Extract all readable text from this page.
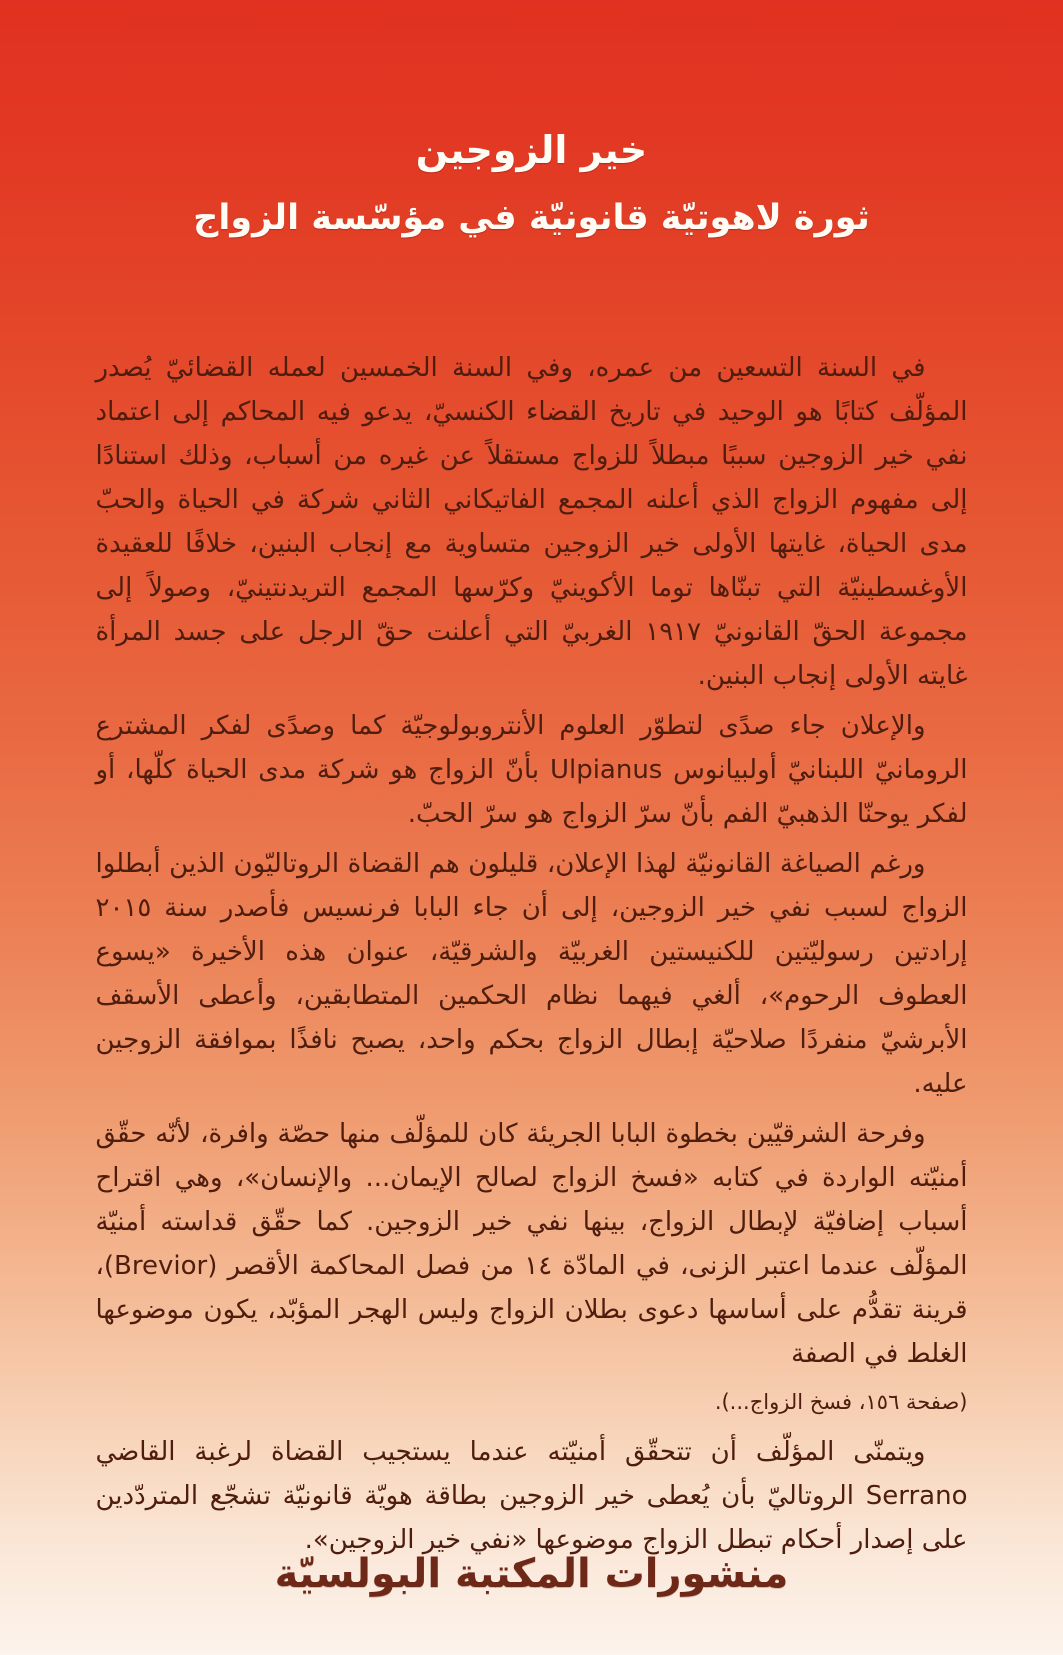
خير الزوجين
ثورة لاهوتيّة قانونيّة في مؤسّسة الزواج

في السنة التسعين من عمره، وفي السنة الخمسين لعمله القضائيّ يُصدر المؤلّف كتابًا هو الوحيد في تاريخ القضاء الكنسيّ، يدعو فيه المحاكم إلى اعتماد نفي خير الزوجين سببًا مبطلاً للزواج مستقلاً عن غيره من أسباب، وذلك استنادًا إلى مفهوم الزواج الذي أعلنه المجمع الفاتيكاني الثاني شركة في الحياة والحبّ مدى الحياة، غايتها الأولى خير الزوجين متساوية مع إنجاب البنين، خلافًا للعقيدة الأوغسطينيّة التي تبنّاها توما الأكوينيّ وكرّسها المجمع التريدنتينيّ، وصولاً إلى مجموعة الحقّ القانونيّ ١٩١٧ الغربيّ التي أعلنت حقّ الرجل على جسد المرأة غايته الأولى إنجاب البنين.

والإعلان جاء صدًى لتطوّر العلوم الأنتروبولوجيّة كما وصدًى لفكر المشترع الرومانيّ اللبنانيّ أولبيانوس Ulpianus بأنّ الزواج هو شركة مدى الحياة كلّها، أو لفكر يوحنّا الذهبيّ الفم بأنّ سرّ الزواج هو سرّ الحبّ.

ورغم الصياغة القانونيّة لهذا الإعلان، قليلون هم القضاة الروتاليّون الذين أبطلوا الزواج لسبب نفي خير الزوجين، إلى أن جاء البابا فرنسيس فأصدر سنة ٢٠١٥ إرادتين رسوليّتين للكنيستين الغربيّة والشرقيّة، عنوان هذه الأخيرة «يسوع العطوف الرحوم»، ألغي فيهما نظام الحكمين المتطابقين، وأعطى الأسقف الأبرشيّ منفردًا صلاحيّة إبطال الزواج بحكم واحد، يصبح نافذًا بموافقة الزوجين عليه.

وفرحة الشرقيّين بخطوة البابا الجريئة كان للمؤلّف منها حصّة وافرة، لأنّه حقّق أمنيّته الواردة في كتابه «فسخ الزواج لصالح الإيمان... والإنسان»، وهي اقتراح أسباب إضافيّة لإبطال الزواج، بينها نفي خير الزوجين. كما حقّق قداسته أمنيّة المؤلّف عندما اعتبر الزنى، في المادّة ١٤ من فصل المحاكمة الأقصر (Brevior)، قرينة تقدُّم على أساسها دعوى بطلان الزواج وليس الهجر المؤبّد، يكون موضوعها الغلط في الصفة

(صفحة ١٥٦، فسخ الزواج...).

ويتمنّى المؤلّف أن تتحقّق أمنيّته عندما يستجيب القضاة لرغبة القاضي Serrano الروتاليّ بأن يُعطى خير الزوجين بطاقة هويّة قانونيّة تشجّع المتردّدين على إصدار أحكام تبطل الزواج موضوعها «نفي خير الزوجين».

منشورات المكتبة البولسيّة
